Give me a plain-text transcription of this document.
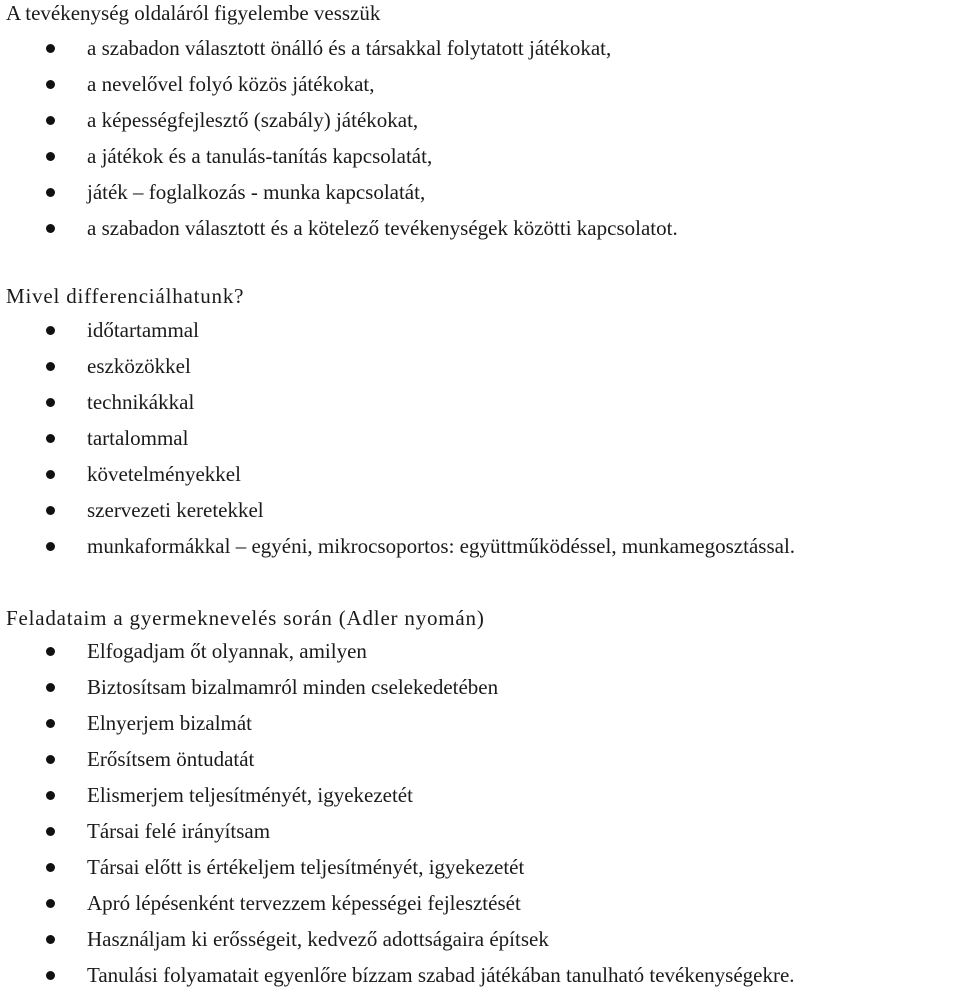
A tevékenység oldaláról figyelembe vesszük
a szabadon választott önálló és a társakkal folytatott játékokat,
a nevelővel folyó közös játékokat,
a képességfejlesztő (szabály) játékokat,
a játékok és a tanulás-tanítás kapcsolatát,
játék – foglalkozás - munka kapcsolatát,
a szabadon választott és a kötelező tevékenységek közötti kapcsolatot.
Mivel differenciálhatunk?
időtartammal
eszközökkel
technikákkal
tartalommal
követelményekkel
szervezeti keretekkel
munkaformákkal – egyéni, mikrocsoportos: együttműködéssel, munkamegosztással.
Feladataim a gyermeknevelés során (Adler nyomán)
Elfogadjam őt olyannak, amilyen
Biztosítsam bizalmamról minden cselekedetében
Elnyerjem bizalmát
Erősítsem öntudatát
Elismerjem teljesítményét, igyekezetét
Társai felé irányítsam
Társai előtt is értékeljem teljesítményét, igyekezetét
Apró lépésenként tervezzem képességei fejlesztését
Használjam ki erősségeit, kedvező adottságaira építsek
Tanulási folyamatait egyenlőre bízzam szabad játékában tanulható tevékenységekre.
